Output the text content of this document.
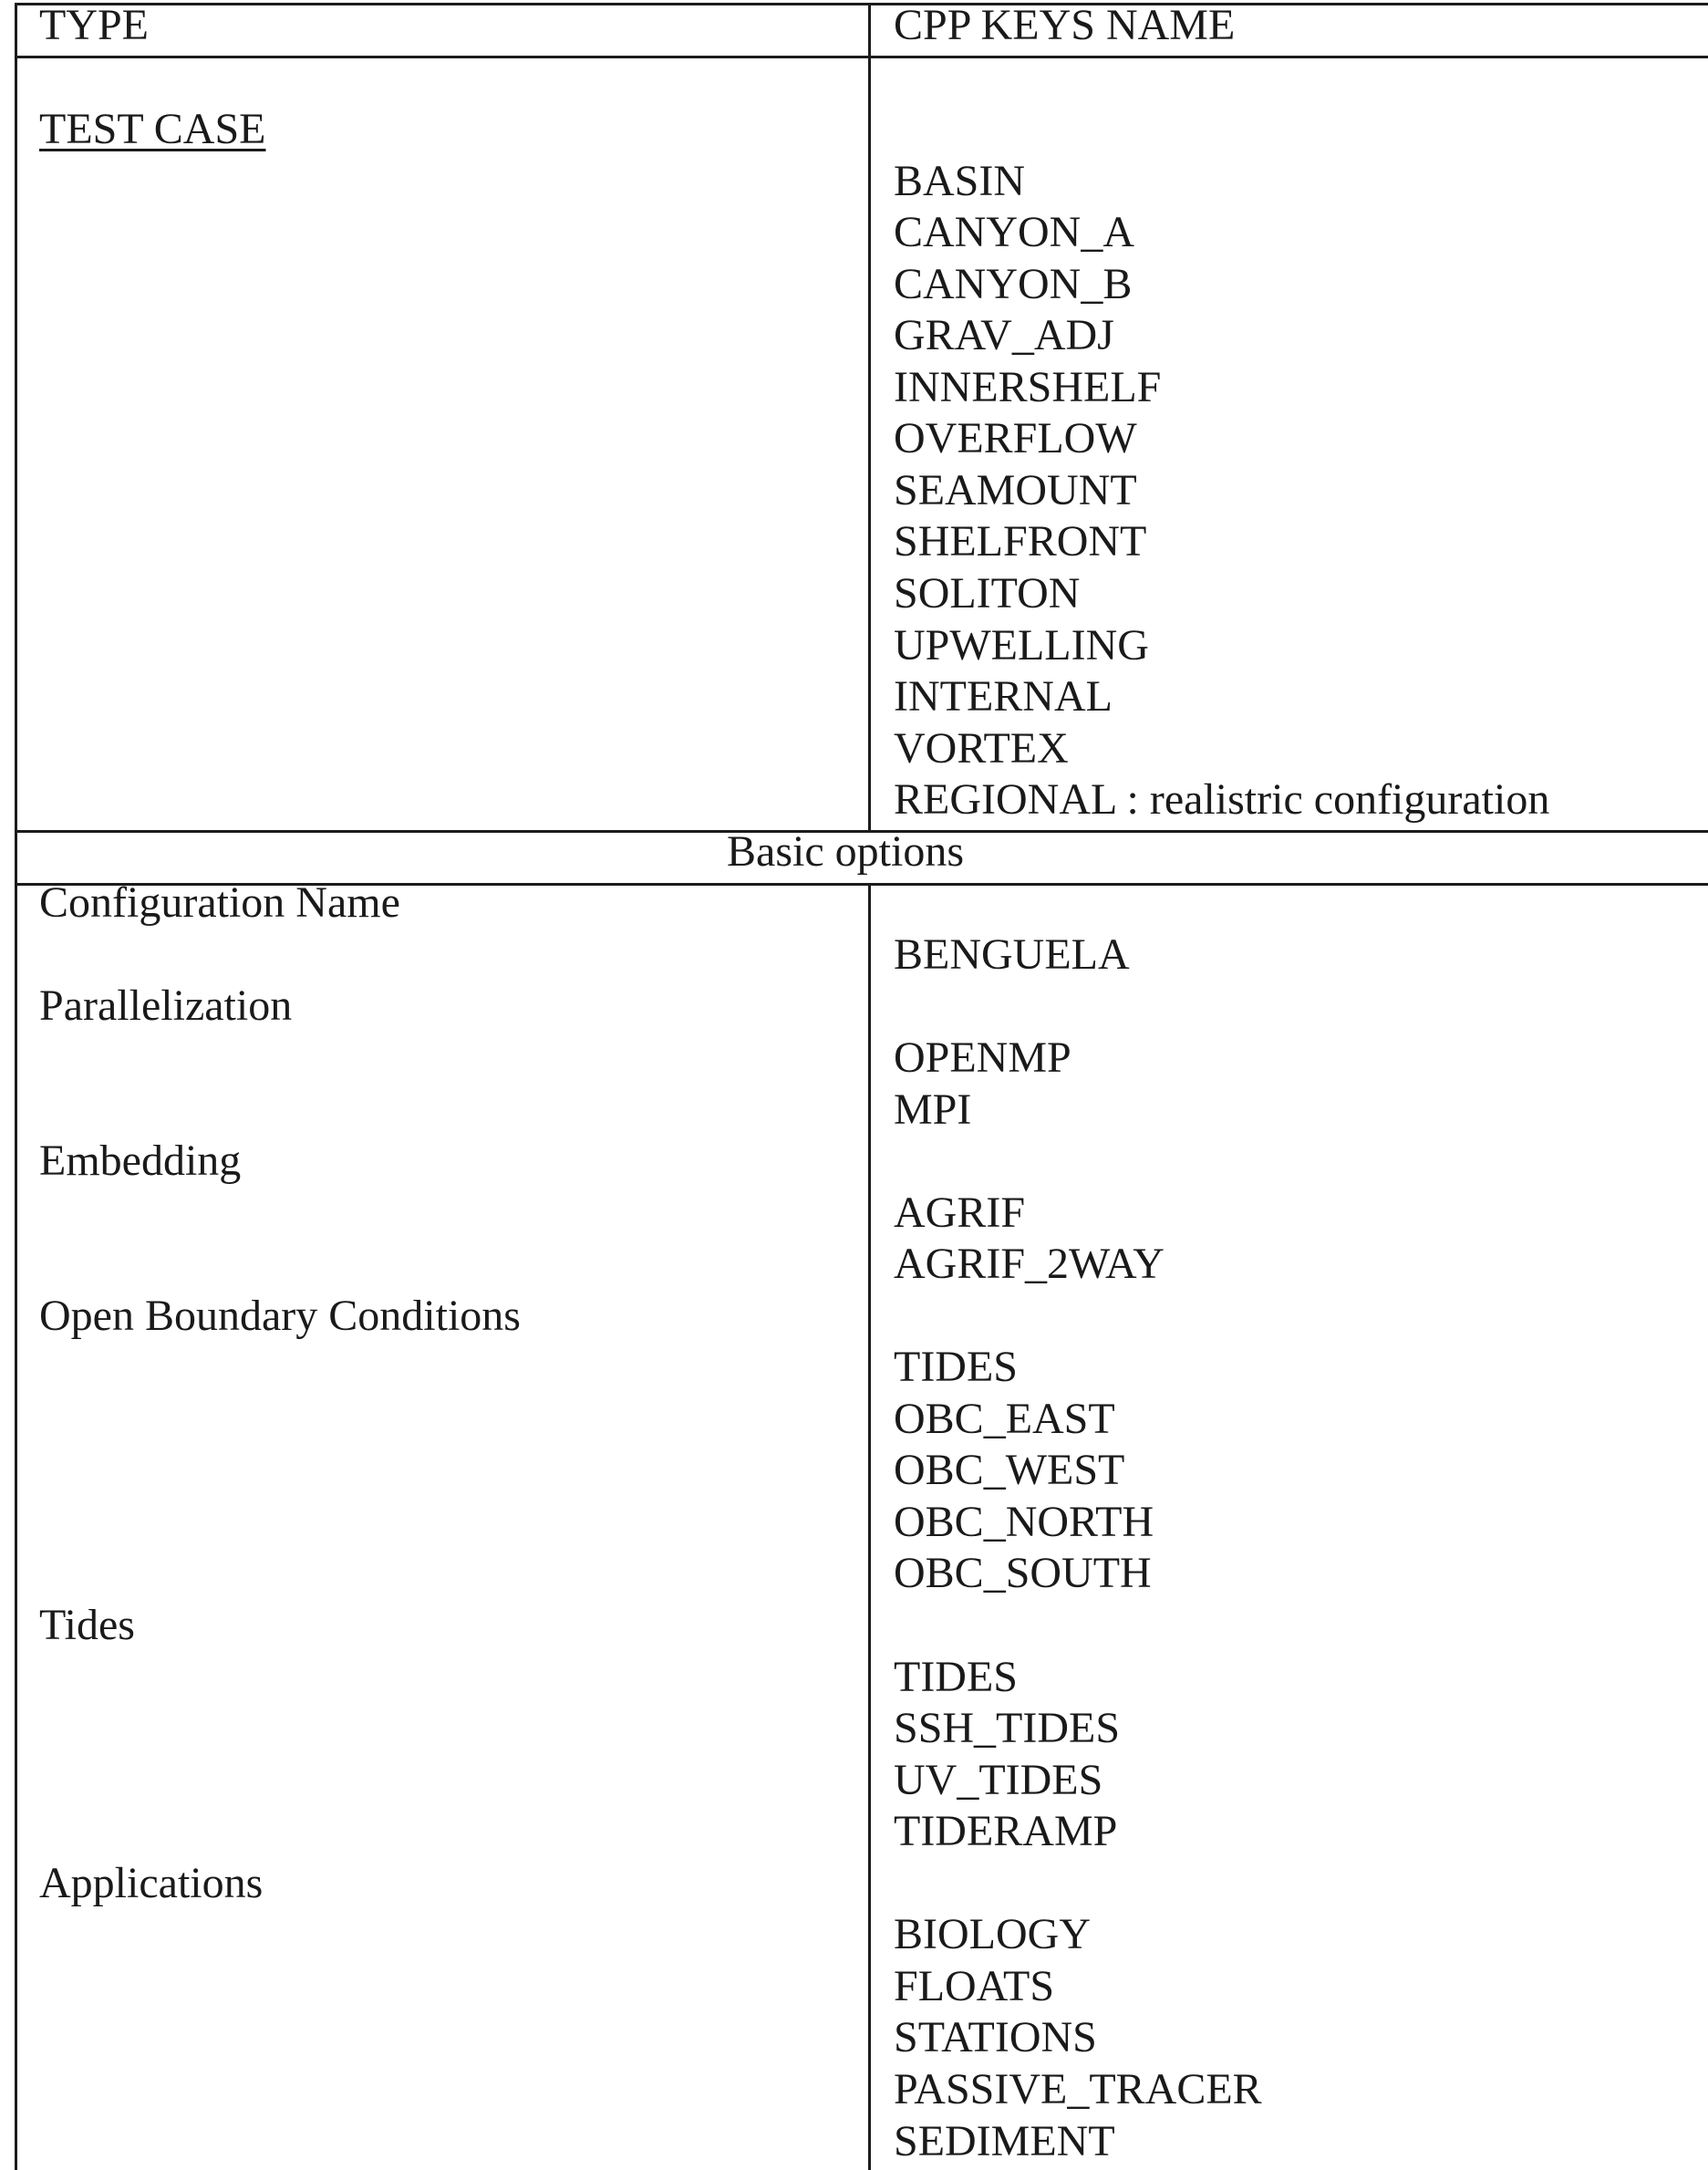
TYPE	CPP KEYS NAME
TEST CASE
BASIN
CANYON_A
CANYON_B
GRAV_ADJ
INNERSHELF
OVERFLOW
SEAMOUNT
SHELFRONT
SOLITON
UPWELLING
INTERNAL
VORTEX
REGIONAL : realistric configuration
Basic options
Configuration Name
BENGUELA
Parallelization
OPENMP
MPI
Embedding
AGRIF
AGRIF_2WAY
Open Boundary Conditions
TIDES
OBC_EAST
OBC_WEST
OBC_NORTH
OBC_SOUTH
Tides
TIDES
SSH_TIDES
UV_TIDES
TIDERAMP
Applications
BIOLOGY
FLOATS
STATIONS
PASSIVE_TRACER
SEDIMENT
